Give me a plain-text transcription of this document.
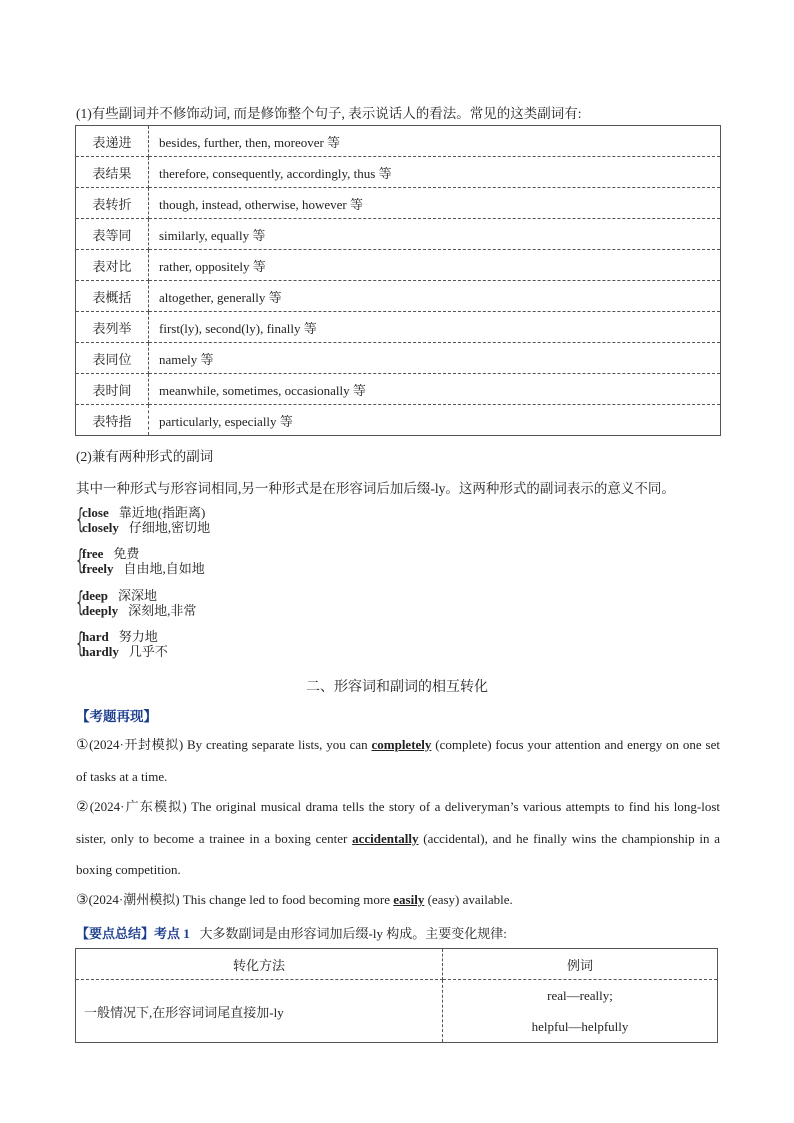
(1)有些副词并不修饰动词, 而是修饰整个句子, 表示说话人的看法。常见的这类副词有:
表递进	besides, further, then, moreover 等
表结果	therefore, consequently, accordingly, thus 等
表转折	though, instead, otherwise, however 等
表等同	similarly, equally 等
表对比	rather, oppositely 等
表概括	altogether, generally 等
表列举	first(ly), second(ly), finally 等
表同位	namely 等
表时间	meanwhile, sometimes, occasionally 等
表特指	particularly, especially 等
(2)兼有两种形式的副词
其中一种形式与形容词相同,另一种形式是在形容词后加后缀-ly。这两种形式的副词表示的意义不同。
{
close 靠近地(指距离)
closely 仔细地,密切地
{
free 免费
freely 自由地,自如地
{
deep 深深地
deeply 深刻地,非常
{
hard 努力地
hardly 几乎不
二、形容词和副词的相互转化
【考题再现】
①(2024·开封模拟) By creating separate lists, you can completely (complete) focus your attention and energy on one set of tasks at a time.
②(2024·广东模拟) The original musical drama tells the story of a deliveryman’s various attempts to find his long-lost sister, only to become a trainee in a boxing center accidentally (accidental), and he finally wins the championship in a boxing competition.
③(2024·潮州模拟) This change led to food becoming more easily (easy) available.
【要点总结】考点 1 大多数副词是由形容词加后缀-ly 构成。主要变化规律:
转化方法	例词
一般情况下,在形容词词尾直接加-ly	real—really;
helpful—helpfully
